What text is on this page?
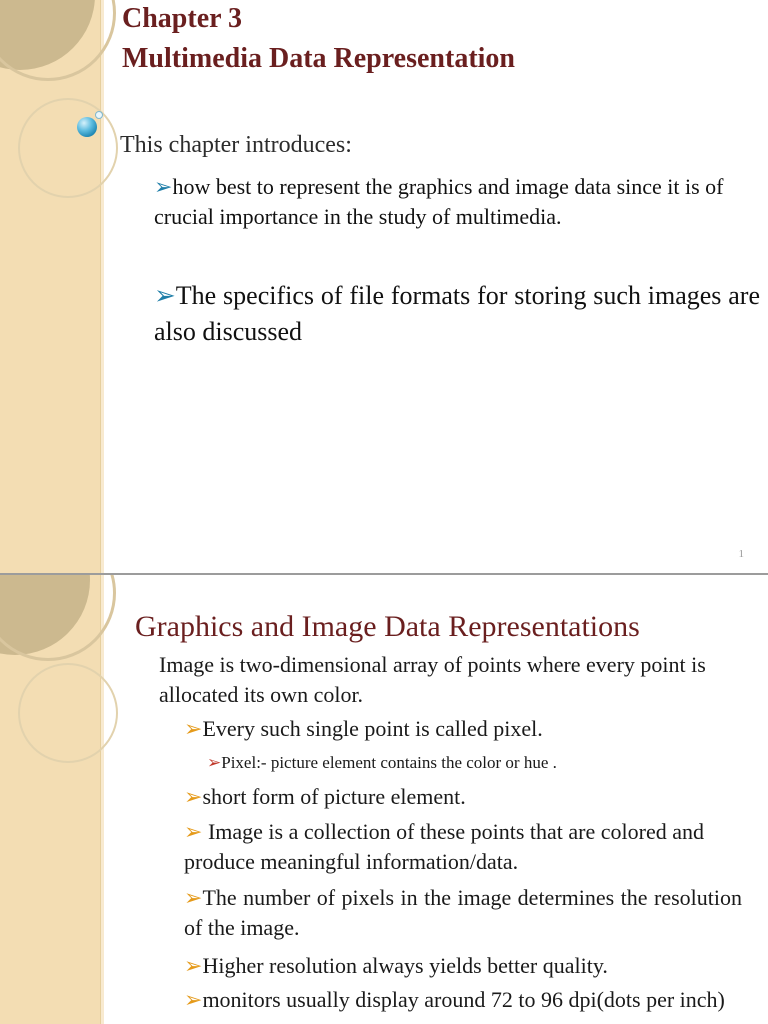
Chapter 3

Multimedia Data Representation

This chapter introduces:

➢how best to represent the graphics and image data since it is of crucial importance in the study of multimedia.

➢The specifics of file formats for storing such images are also discussed

1

Graphics and Image Data Representations

Image is two-dimensional array of points where every point is allocated its own color.

➢Every such single point is called pixel.

➢Pixel:- picture element contains the color or hue .

➢short form of picture element.

➢ Image is a collection of these points that are colored and produce meaningful information/data.

➢The number of pixels in the image determines the resolution of the image.

➢Higher resolution always yields better quality.

➢monitors usually display around 72 to 96 dpi(dots per inch)
